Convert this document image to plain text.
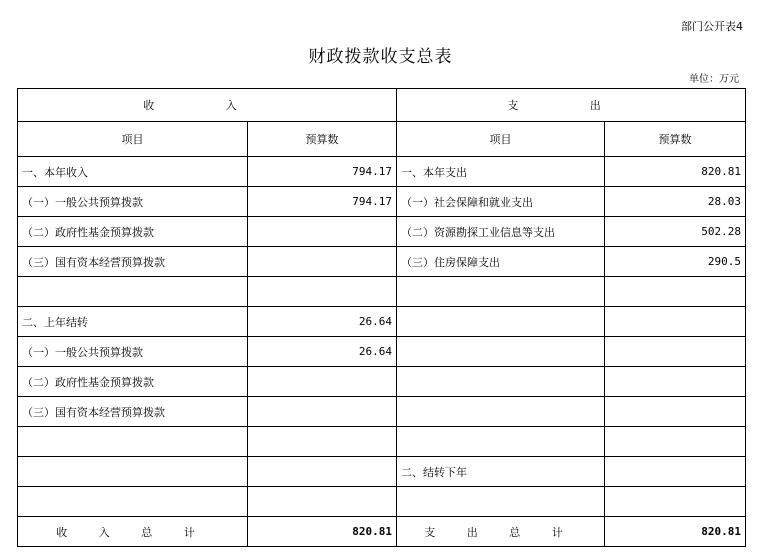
部门公开表4
财政拨款收支总表
单位：万元
收 入		支 出	
项目	预算数	项目	预算数
一、本年收入	794.17	一、本年支出	820.81
（一）一般公共预算拨款	794.17	（一）社会保障和就业支出	28.03
（二）政府性基金预算拨款		（二）资源勘探工业信息等支出	502.28
（三）国有资本经营预算拨款		（三）住房保障支出	290.5

二、上年结转	26.64		
（一）一般公共预算拨款	26.64		
（二）政府性基金预算拨款			
（三）国有资本经营预算拨款			

		二、结转下年	

收 入 总 计	820.81	支 出 总 计	820.81
